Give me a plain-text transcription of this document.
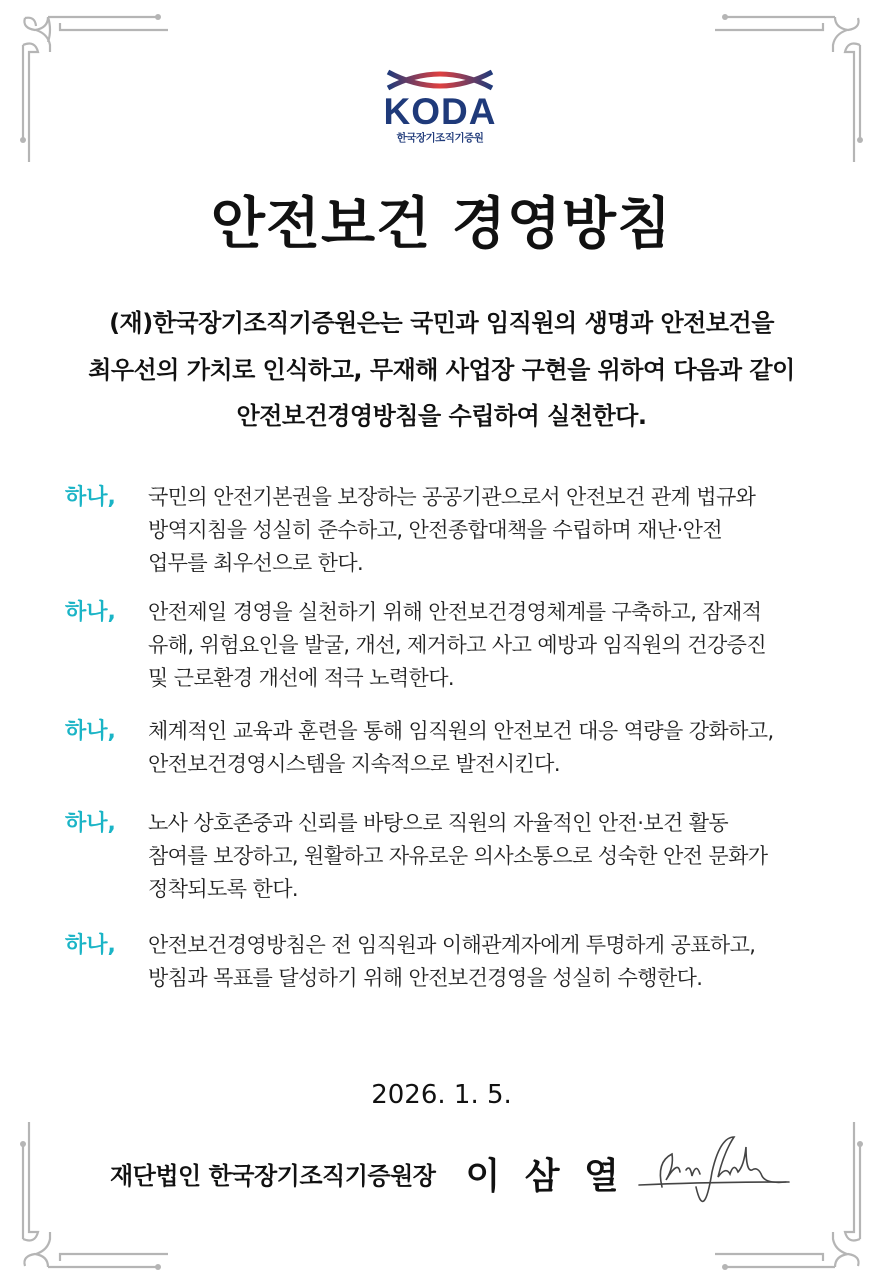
KODA
한국장기조직기증원
안전보건 경영방침
(재)한국장기조직기증원은는 국민과 임직원의 생명과 안전보건을
최우선의 가치로 인식하고, 무재해 사업장 구현을 위하여 다음과 같이
안전보건경영방침을 수립하여 실천한다.
하나,	국민의 안전기본권을 보장하는 공공기관으로서 안전보건 관계 법규와
방역지침을 성실히 준수하고, 안전종합대책을 수립하며 재난·안전
업무를 최우선으로 한다.
하나,	안전제일 경영을 실천하기 위해 안전보건경영체계를 구축하고, 잠재적
유해, 위험요인을 발굴, 개선, 제거하고 사고 예방과 임직원의 건강증진
및 근로환경 개선에 적극 노력한다.
하나,	체계적인 교육과 훈련을 통해 임직원의 안전보건 대응 역량을 강화하고,
안전보건경영시스템을 지속적으로 발전시킨다.
하나,	노사 상호존중과 신뢰를 바탕으로 직원의 자율적인 안전·보건 활동
참여를 보장하고, 원활하고 자유로운 의사소통으로 성숙한 안전 문화가
정착되도록 한다.
하나,	안전보건경영방침은 전 임직원과 이해관계자에게 투명하게 공표하고,
방침과 목표를 달성하기 위해 안전보건경영을 성실히 수행한다.
2026. 1. 5.
재단법인 한국장기조직기증원장 이 삼 열
